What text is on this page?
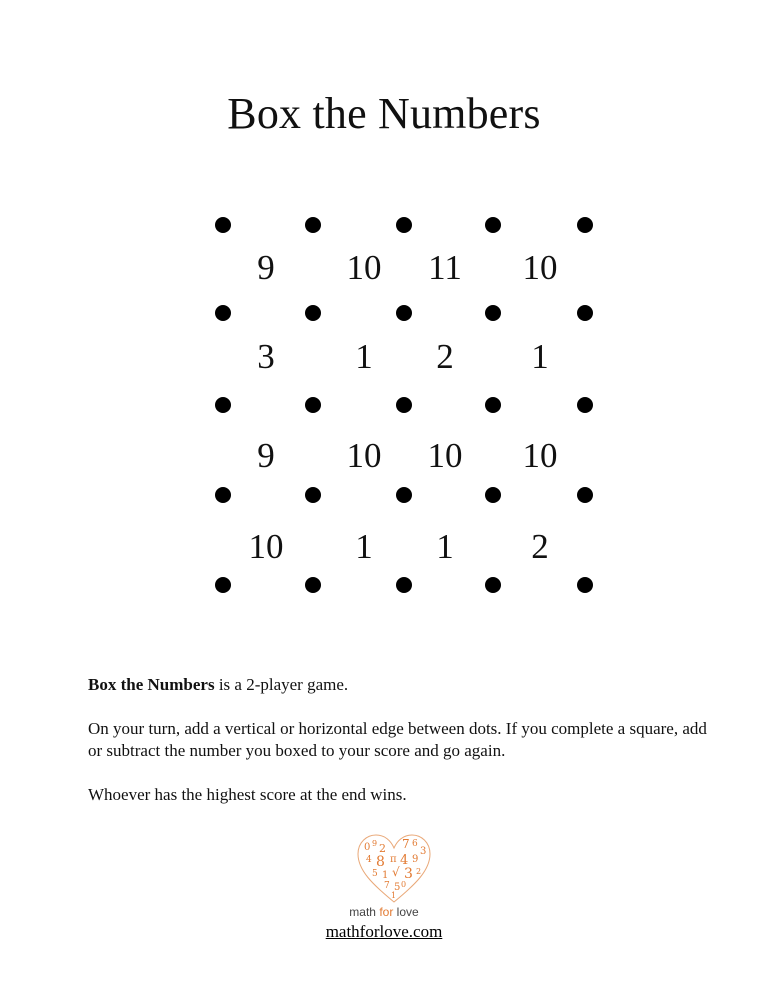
Box the Numbers
9	10	11	10
3	1	2	1
9	10	10	10
10	1	1	2

Box the Numbers is a 2-player game.

On your turn, add a vertical or horizontal edge between dots. If you complete a square, add or subtract the number you boxed to your score and go again.

Whoever has the highest score at the end wins.

0 9 2 7 6
3
4 8 π 4 9
5 1 √ 3 2
7 5 0
1
math for love
mathforlove.com
